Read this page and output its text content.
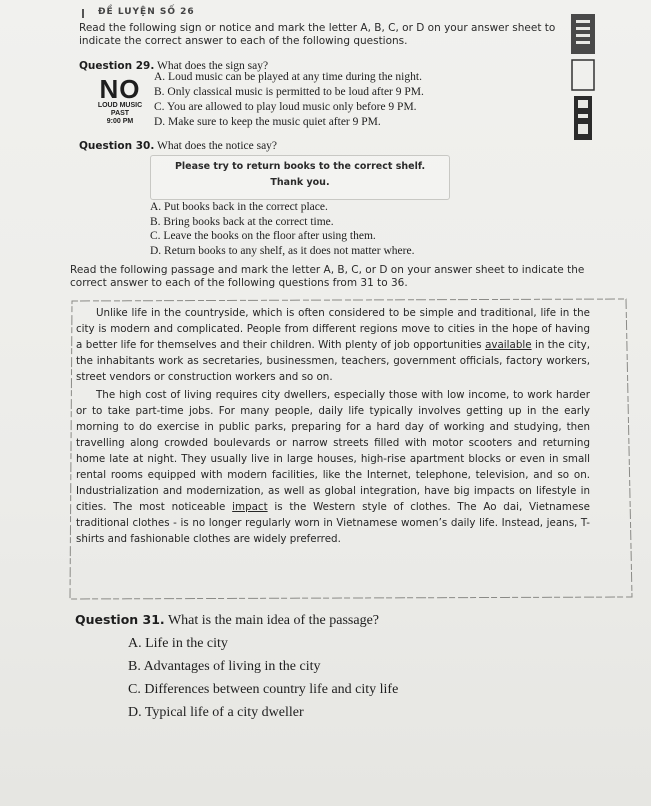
ĐỀ LUYỆN SỐ 26
Read the following sign or notice and mark the letter A, B, C, or D on your answer sheet to indicate the correct answer to each of the following questions.
Question 29. What does the sign say?
NO
LOUD MUSIC
PAST
9:00 PM
A. Loud music can be played at any time during the night.
B. Only classical music is permitted to be loud after 9 PM.
C. You are allowed to play loud music only before 9 PM.
D. Make sure to keep the music quiet after 9 PM.
Question 30. What does the notice say?
Please try to return books to the correct shelf.
Thank you.
A. Put books back in the correct place.
B. Bring books back at the correct time.
C. Leave the books on the floor after using them.
D. Return books to any shelf, as it does not matter where.
Read the following passage and mark the letter A, B, C, or D on your answer sheet to indicate the correct answer to each of the following questions from 31 to 36.

Unlike life in the countryside, which is often considered to be simple and traditional, life in the city is modern and complicated. People from different regions move to cities in the hope of having a better life for themselves and their children. With plenty of job opportunities available in the city, the inhabitants work as secretaries, businessmen, teachers, government officials, factory workers, street vendors or construction workers and so on.

The high cost of living requires city dwellers, especially those with low income, to work harder or to take part-time jobs. For many people, daily life typically involves getting up in the early morning to do exercise in public parks, preparing for a hard day of working and studying, then travelling along crowded boulevards or narrow streets filled with motor scooters and returning home late at night. They usually live in large houses, high-rise apartment blocks or even in small rental rooms equipped with modern facilities, like the Internet, telephone, television, and so on. Industrialization and modernization, as well as global integration, have big impacts on lifestyle in cities. The most noticeable impact is the Western style of clothes. The Ao dai, Vietnamese traditional clothes - is no longer regularly worn in Vietnamese women’s daily life. Instead, jeans, T-shirts and fashionable clothes are widely preferred.

Question 31. What is the main idea of the passage?
A. Life in the city
B. Advantages of living in the city
C. Differences between country life and city life
D. Typical life of a city dweller
